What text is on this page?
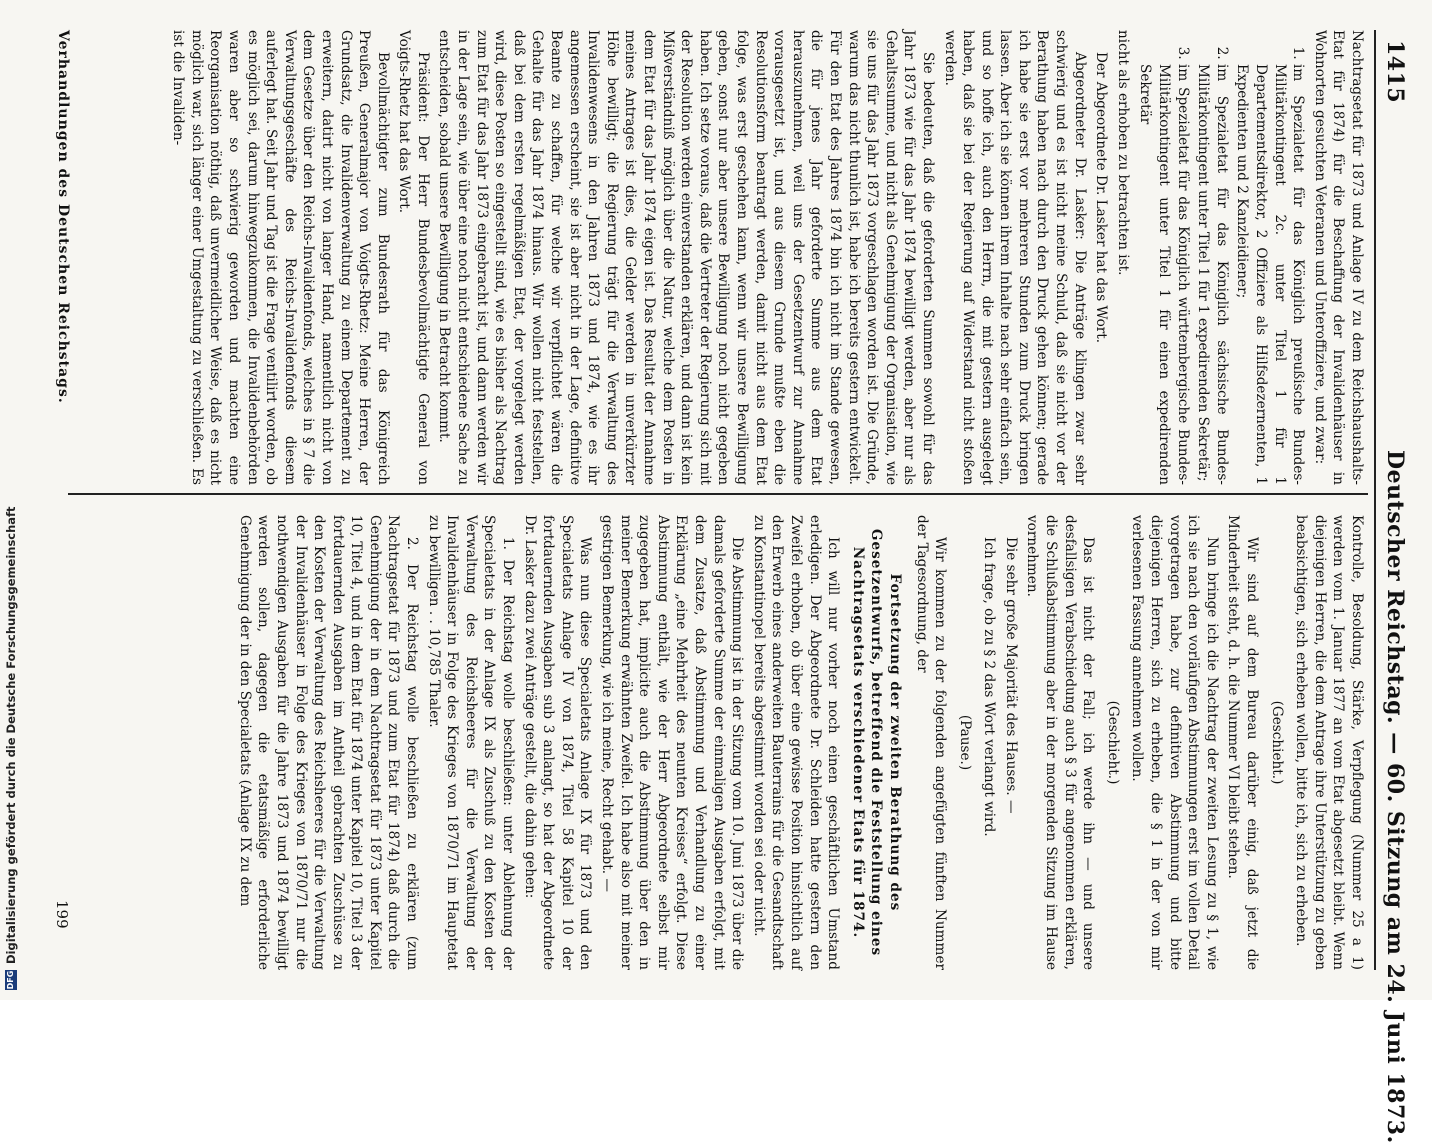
1415
Deutscher Reichstag. — 60. Sitzung am 24. Juni 1873.

Nachtragsetat für 1873 und Anlage IV zu dem Reichshaushalts-Etat für 1874) für die Beschaffung der Invalidenhäuser in Wohnorten gesuchten Veteranen und Unteroffiziere, und zwar:

1. im Spezialetat für das Königlich preußische Bundes-Militärkontingent 2c. unter Titel 1 für 1 Departementsdirektor, 2 Offiziere als Hilfsdezernenten, 1 Expedienten und 2 Kanzleidiener;
2. im Spezialetat für das Königlich sächsische Bundes-Militärkontingent unter Titel 1 für 1 expedirenden Sekretär;
3. im Spezialetat für das Königlich württembergische Bundes-Militärkontingent unter Titel 1 für einen expedirenden Sekretär

nicht als erhoben zu betrachten ist.

Der Abgeordnete Dr. Lasker hat das Wort.

Abgeordneter Dr. Lasker: Die Anträge klingen zwar sehr schwierig und es ist nicht meine Schuld, daß sie nicht vor der Berathung haben nach durch den Druck gehen können; gerade ich habe sie erst vor mehreren Stunden zum Druck bringen lassen. Aber ich sie können ihrem Inhalte nach sehr einfach sein, und so hoffe ich, auch den Herrn, die mit gestern ausgelegt haben, daß sie bei der Regierung auf Widerstand nicht stoßen werden.

Sie bedeuten, daß die geforderten Summen sowohl für das Jahr 1873 wie für das Jahr 1874 bewilligt werden, aber nur als Gehaltssumme, und nicht als Genehmigung der Organisation, wie sie uns für das Jahr 1873 vorgeschlagen worden ist. Die Gründe, warum das nicht thunlich ist, habe ich bereits gestern entwickelt. Für den Etat des Jahres 1874 bin ich nicht im Stande gewesen, die für jenes Jahr geforderte Summe aus dem Etat herauszunehmen, weil uns der Gesetzentwurf zur Annahme vorausgesetzt ist, und aus diesem Grunde mußte eben die Resolutionsform beantragt werden, damit nicht aus dem Etat folge, was erst geschehen kann, wenn wir unsere Bewilligung geben, sonst nur aber unsere Bewilligung noch nicht gegeben haben. Ich setze voraus, daß die Vertreter der Regierung sich mit der Resolution werden einverstanden erklären, und dann ist kein Mißverständniß möglich über die Natur, welche dem Posten in dem Etat für das Jahr 1874 eigen ist. Das Resultat der Annahme meines Antrages ist dies, die Gelder werden in unverkürzter Höhe bewilligt; die Regierung trägt für die Verwaltung des Invalidenwesens in den Jahren 1873 und 1874, wie es ihr angemessen erscheint, sie ist aber nicht in der Lage, definitive Beamte zu schaffen, für welche wir verpflichtet wären die Gehalte für das Jahr 1874 hinaus. Wir wollen nicht feststellen, daß bei dem ersten regelmäßigen Etat, der vorgelegt werden wird, diese Posten so eingestellt sind, wie es bisher als Nachtrag zum Etat für das Jahr 1873 eingebracht ist, und dann werden wir in der Lage sein, wie über eine noch nicht entschiedene Sache zu entscheiden, sobald unsere Bewilligung in Betracht kommt.

Präsident: Der Herr Bundesbevollmächtigte General von Voigts-Rhetz hat das Wort.

Bevollmächtigter zum Bundesrath für das Königreich Preußen, Generalmajor von Voigts-Rhetz: Meine Herren, der Grundsatz, die Invalidenverwaltung zu einem Departement zu erweitern, datirt nicht von langer Hand, namentlich nicht von dem Gesetze über den Reichs-Invalidenfonds, welches in § 7 die Verwaltungsgeschäfte des Reichs-Invalidenfonds diesem auferlegt hat. Seit Jahr und Tag ist die Frage ventilirt worden, ob es möglich sei, darum hinwegzukommen, die Invalidenbehörden waren aber so schwierig geworden und machten eine Reorganisation nöthig, daß unvermeidlicher Weise, daß es nicht möglich war, sich länger einer Umgestaltung zu verschließen. Es ist die Invaliden-

Kontrolle, Besoldung, Stärke, Verpflegung (Nummer 25 a 1) werden vom 1. Januar 1877 an vom Etat abgesetzt bleibt. Wenn diejenigen Herren, die dem Antrage ihre Unterstützung zu geben beabsichtigen, sich erheben wollen, bitte ich, sich zu erheben.

(Geschieht.)

Wir sind auf dem Bureau darüber einig, daß jetzt die Minderheit steht, d. h. die Nummer VI bleibt stehen.

Nun bringe ich die Nachtrag der zweiten Lesung zu § 1, wie ich sie nach den vorläufigen Abstimmungen erst im vollen Detail vorgetragen habe, zur definitiven Abstimmung und bitte diejenigen Herren, sich zu erheben, die § 1 in der von mir verlesenen Fassung annehmen wollen.

(Geschieht.)

Das ist nicht der Fall; ich werde ihn — und unsere desfallsigen Verabschiedung auch § 3 für angenommen erklären, die Schlußabstimmung aber in der morgenden Sitzung im Hause vornehmen.

Die sehr große Majorität des Hauses. —

Ich frage, ob zu § 2 das Wort verlangt wird.

(Pause.)

Wir kommen zu der folgenden angefügten fünften Nummer der Tagesordnung, der

Fortsetzung der zweiten Berathung des Gesetzentwurfs, betreffend die Feststellung eines Nachtragsetats verschiedener Etats für 1874.

Ich will nur vorher noch einen geschäftlichen Umstand erledigen. Der Abgeordnete Dr. Schleiden hatte gestern den Zweifel erhoben, ob über eine gewisse Position hinsichtlich auf den Erwerb eines anderweiten Bauterrains für die Gesandtschaft zu Konstantinopel bereits abgestimmt worden sei oder nicht.

Die Abstimmung ist in der Sitzung vom 10. Juni 1873 über die damals geforderte Summe der einmaligen Ausgaben erfolgt, mit dem Zusatze, daß Abstimmung und Verhandlung zu einer Erklärung „eine Mehrheit des neunten Kreises“ erfolgt. Diese Abstimmung enthält, wie der Herr Abgeordnete selbst mir zugegeben hat, implicite auch die Abstimmung über den in meiner Bemerkung erwähnten Zweifel. Ich habe also mit meiner gestrigen Bemerkung, wie ich meine, Recht gehabt. —

Was nun diese Specialetats Anlage IX für 1873 und den Specialetats Anlage IV von 1874, Titel 58 Kapitel 10 der fortdauernden Ausgaben sub 3 anlangt, so hat der Abgeordnete Dr. Lasker dazu zwei Anträge gestellt, die dahin gehen:

1. Der Reichstag wolle beschließen: unter Ablehnung der Specialetats in der Anlage IX als Zuschuß zu den Kosten der Verwaltung des Reichsheeres für die Verwaltung der Invalidenhäuser in Folge des Krieges von 1870/71 im Hauptetat zu bewilligen . . 10,785 Thaler.

2. Der Reichstag wolle beschließen zu erklären (zum Nachtragsetat für 1873 und zum Etat für 1874) daß durch die Genehmigung der in dem Nachtragsetat für 1873 unter Kapitel 10, Titel 4, und in dem Etat für 1874 unter Kapitel 10, Titel 3 der fortdauernden Ausgaben im Antheil gebrachten Zuschüsse zu den Kosten der Verwaltung des Reichsheeres für die Verwaltung der Invalidenhäuser in Folge des Krieges von 1870/71 nur die nothwendigen Ausgaben für die Jahre 1873 und 1874 bewilligt werden sollen, dagegen die etatsmäßige erforderliche Genehmigung der in den Specialetats (Anlage IX zu dem

Verhandlungen des Deutschen Reichstags.
199
DFG
Digitalisierung gefördert durch die Deutsche Forschungsgemeinschaft
